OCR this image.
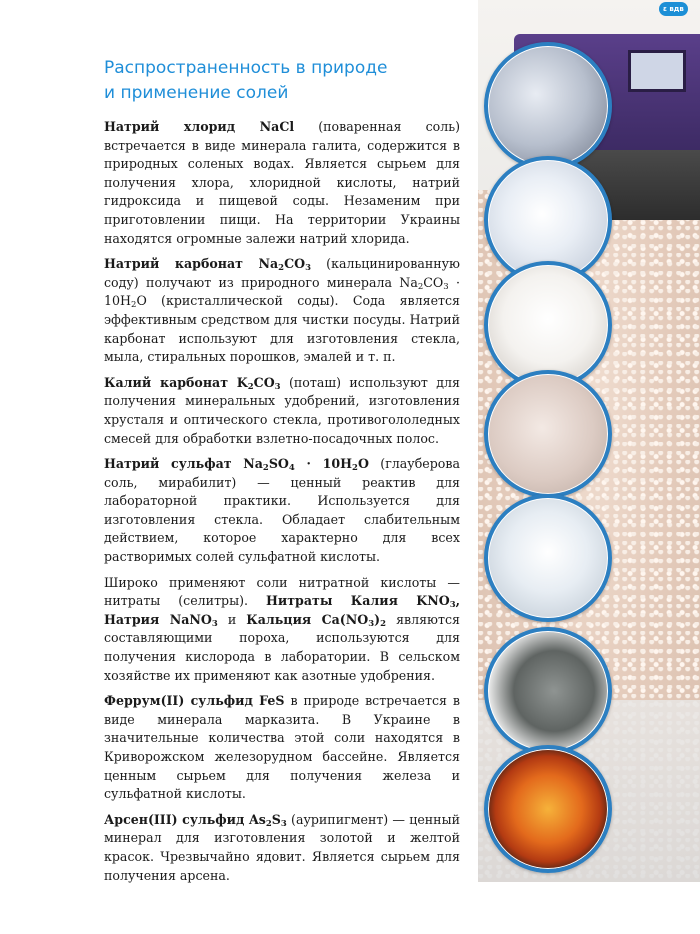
ε вдв
Распространенность в природе
и применение солей

Натрий хлорид NaCl (поваренная соль) встречается в виде минерала галита, содержится в природных соленых водах. Является сырьем для получения хлора, хлоридной кислоты, натрий гидроксида и пищевой соды. Незаменим при приготовлении пищи. На территории Украины находятся огромные залежи натрий хлорида.

Натрий карбонат $Na_2CO_3$ (кальцинированную соду) получают из природного минерала $Na_2CO_3 \cdot 10H_2O$ (кристаллической соды). Сода является эффективным средством для чистки посуды. Натрий карбонат используют для изготовления стекла, мыла, стиральных порошков, эмалей и т. п.

Калий карбонат $K_2CO_3$ (поташ) используют для получения минеральных удобрений, изготовления хрусталя и оптического стекла, противогололедных смесей для обработки взлетно-посадочных полос.

Натрий сульфат $Na_2SO_4 \cdot 10H_2O$ (глауберова соль, мирабилит) — ценный реактив для лабораторной практики. Используется для изготовления стекла. Обладает слабительным действием, которое характерно для всех растворимых солей сульфатной кислоты.

Широко применяют соли нитратной кислоты — нитраты (селитры). Нитраты Калия $KNO_3$, Натрия NaNO$_3$ и Кальция $Ca(NO_3)_2$ являются составляющими пороха, используются для получения кислорода в лаборатории. В сельском хозяйстве их применяют как азотные удобрения.

Феррум(II) сульфид FeS в природе встречается в виде минерала марказита. В Украине в значительные количества этой соли находятся в Криворожском железорудном бассейне. Является ценным сырьем для получения железа и сульфатной кислоты.

Арсен(III) сульфид $As_2S_3$ (аурипигмент) — ценный минерал для изготовления золотой и желтой красок. Чрезвычайно ядовит. Является сырьем для получения арсена.
